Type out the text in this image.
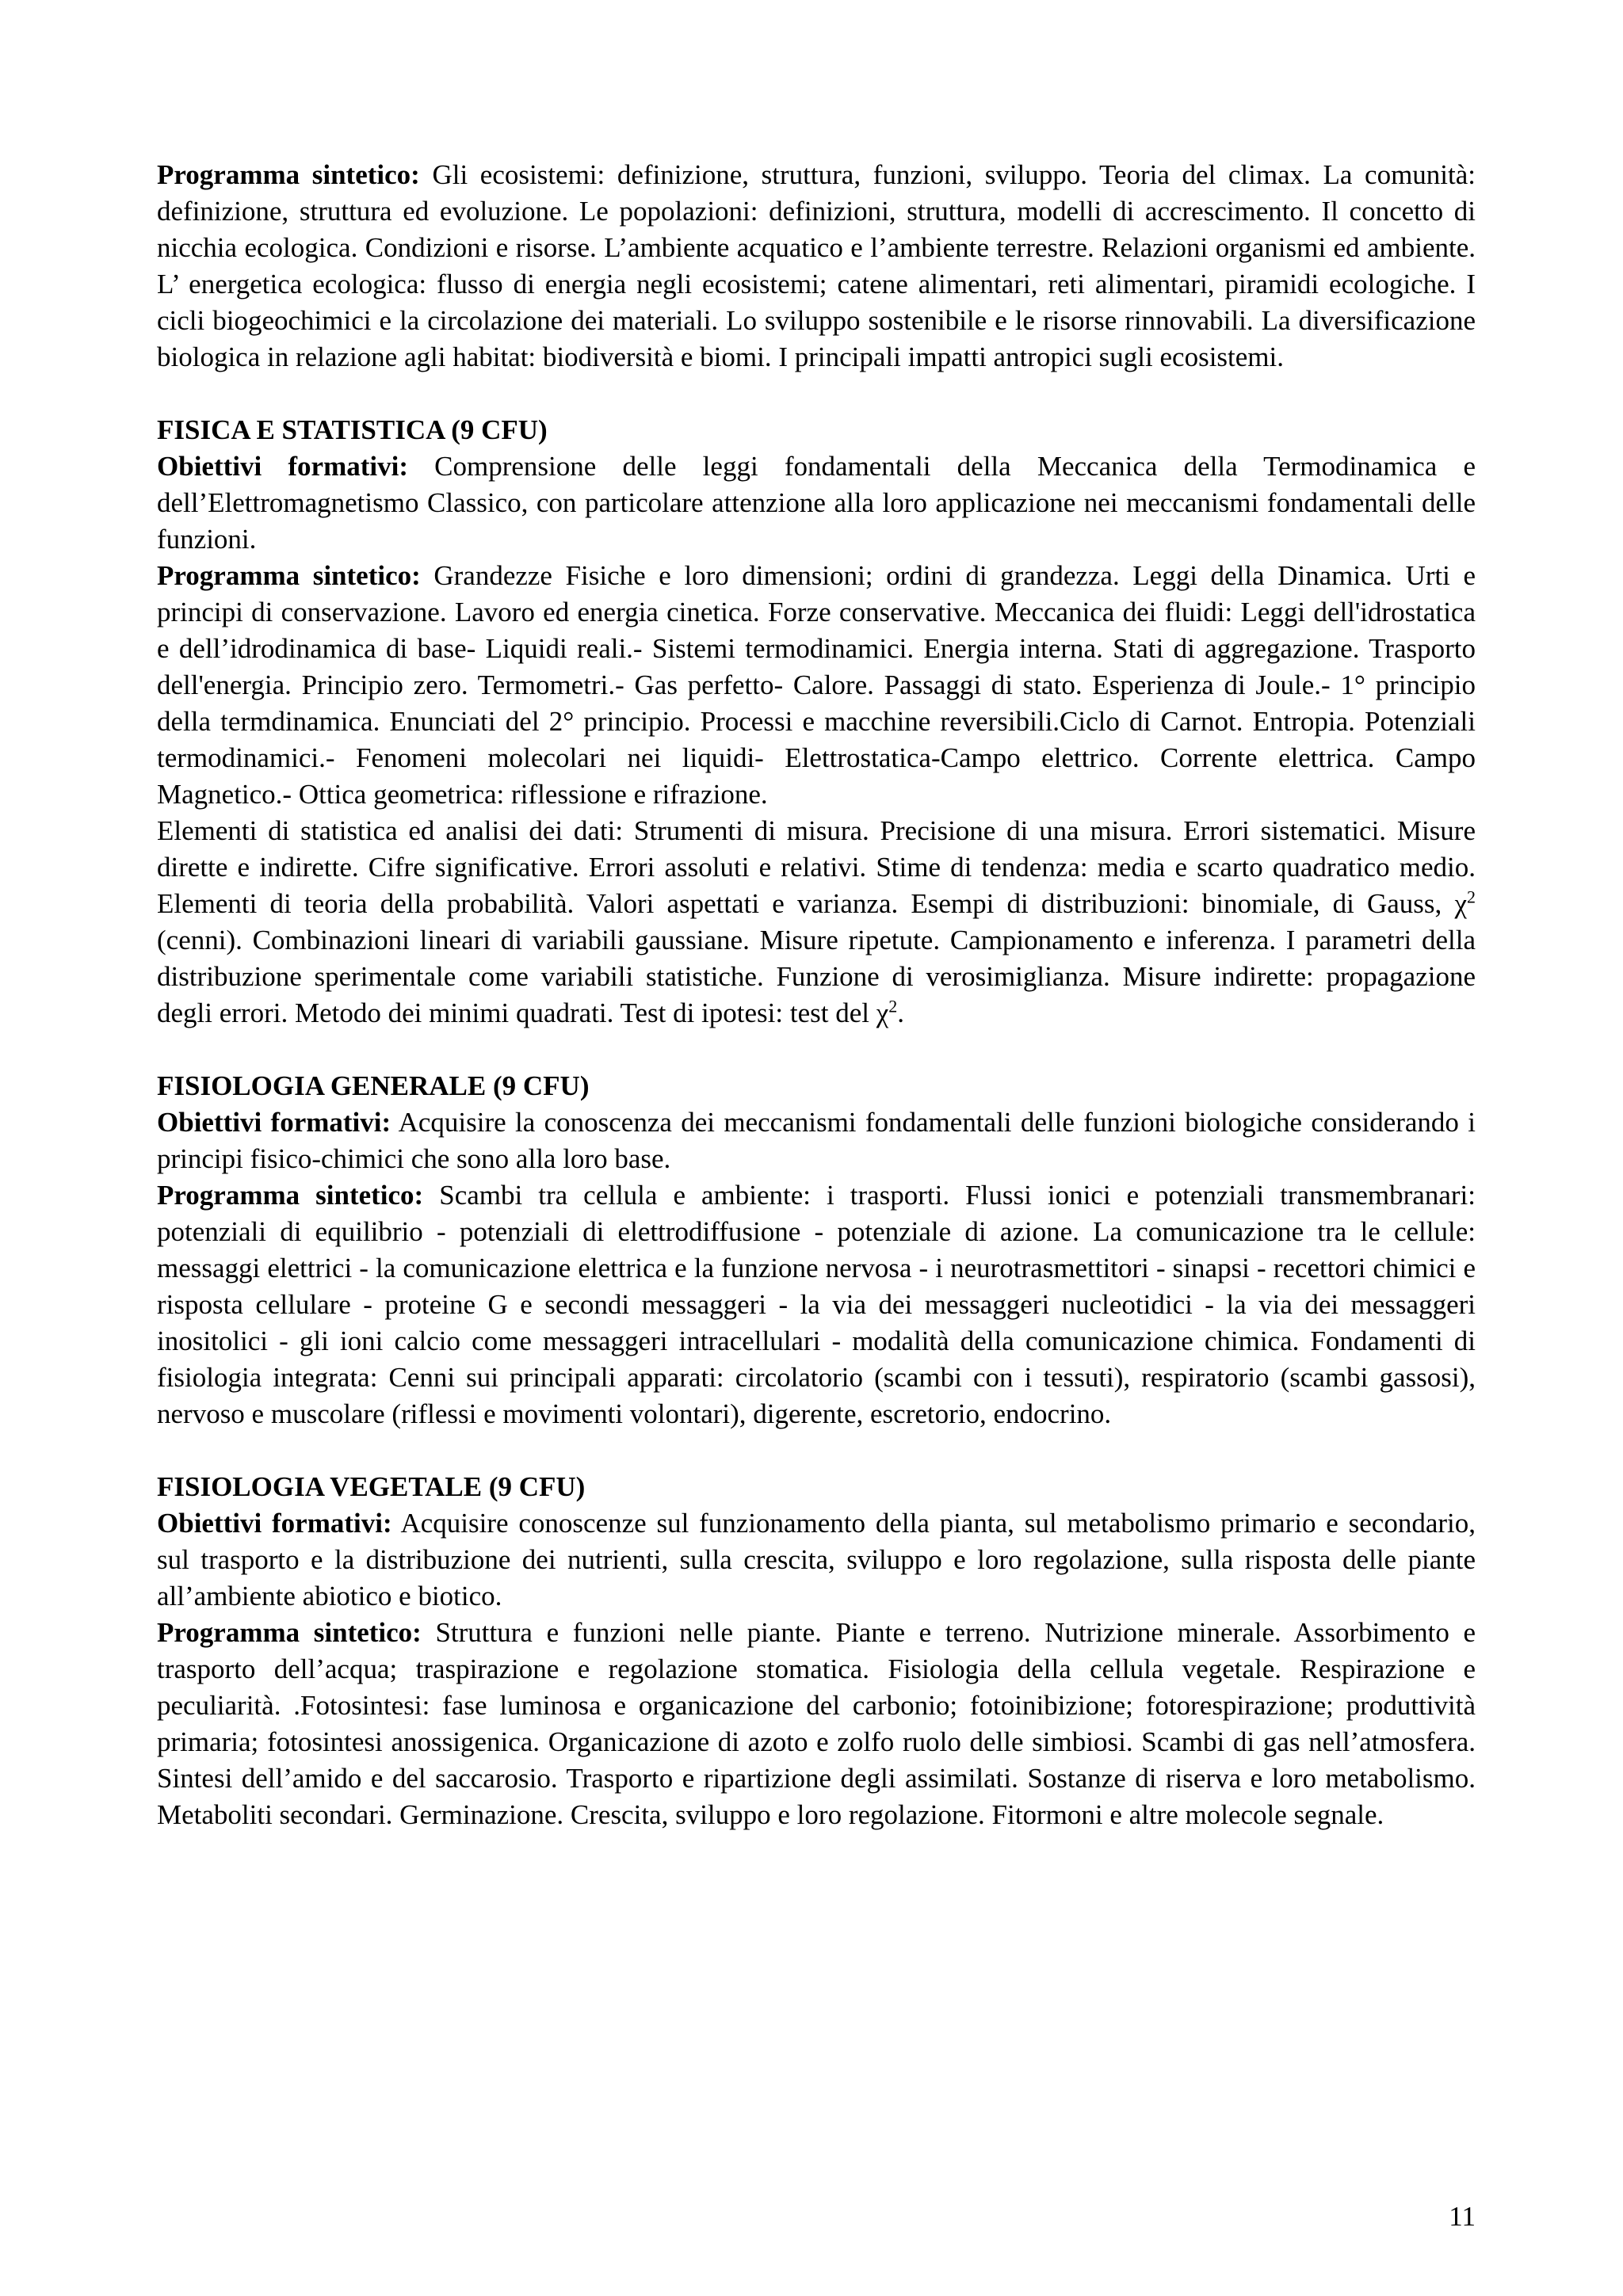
Programma sintetico: Gli ecosistemi: definizione, struttura, funzioni, sviluppo. Teoria del climax. La comunità: definizione, struttura ed evoluzione. Le popolazioni: definizioni, struttura, modelli di accrescimento. Il concetto di nicchia ecologica. Condizioni e risorse. L’ambiente acquatico e l’ambiente terrestre. Relazioni organismi ed ambiente. L’ energetica ecologica: flusso di energia negli ecosistemi; catene alimentari, reti alimentari, piramidi ecologiche. I cicli biogeochimici e la circolazione dei materiali. Lo sviluppo sostenibile e le risorse rinnovabili. La diversificazione biologica in relazione agli habitat: biodiversità e biomi. I principali impatti antropici sugli ecosistemi.

FISICA E STATISTICA (9 CFU)

Obiettivi formativi: Comprensione delle leggi fondamentali della Meccanica della Termodinamica e dell’Elettromagnetismo Classico, con particolare attenzione alla loro applicazione nei meccanismi fondamentali delle funzioni.

Programma sintetico: Grandezze Fisiche e loro dimensioni; ordini di grandezza. Leggi della Dinamica. Urti e principi di conservazione. Lavoro ed energia cinetica. Forze conservative. Meccanica dei fluidi: Leggi dell'idrostatica e dell’idrodinamica di base- Liquidi reali.- Sistemi termodinamici. Energia interna. Stati di aggregazione. Trasporto dell'energia. Principio zero. Termometri.- Gas perfetto- Calore. Passaggi di stato. Esperienza di Joule.- 1° principio della termdinamica. Enunciati del 2° principio. Processi e macchine reversibili.Ciclo di Carnot. Entropia. Potenziali termodinamici.- Fenomeni molecolari nei liquidi- Elettrostatica-Campo elettrico. Corrente elettrica. Campo Magnetico.- Ottica geometrica: riflessione e rifrazione.

Elementi di statistica ed analisi dei dati: Strumenti di misura. Precisione di una misura. Errori sistematici. Misure dirette e indirette. Cifre significative. Errori assoluti e relativi. Stime di tendenza: media e scarto quadratico medio. Elementi di teoria della probabilità. Valori aspettati e varianza. Esempi di distribuzioni: binomiale, di Gauss, $\chi^2$ (cenni). Combinazioni lineari di variabili gaussiane. Misure ripetute. Campionamento e inferenza. I parametri della distribuzione sperimentale come variabili statistiche. Funzione di verosimiglianza. Misure indirette: propagazione degli errori. Metodo dei minimi quadrati. Test di ipotesi: test del $\chi^2$.

FISIOLOGIA GENERALE (9 CFU)

Obiettivi formativi: Acquisire la conoscenza dei meccanismi fondamentali delle funzioni biologiche considerando i principi fisico-chimici che sono alla loro base.

Programma sintetico: Scambi tra cellula e ambiente: i trasporti. Flussi ionici e potenziali transmembranari: potenziali di equilibrio - potenziali di elettrodiffusione - potenziale di azione. La comunicazione tra le cellule: messaggi elettrici - la comunicazione elettrica e la funzione nervosa - i neurotrasmettitori - sinapsi - recettori chimici e risposta cellulare - proteine G e secondi messaggeri - la via dei messaggeri nucleotidici - la via dei messaggeri inositolici - gli ioni calcio come messaggeri intracellulari - modalità della comunicazione chimica. Fondamenti di fisiologia integrata: Cenni sui principali apparati: circolatorio (scambi con i tessuti), respiratorio (scambi gassosi), nervoso e muscolare (riflessi e movimenti volontari), digerente, escretorio, endocrino.

FISIOLOGIA VEGETALE (9 CFU)

Obiettivi formativi: Acquisire conoscenze sul funzionamento della pianta, sul metabolismo primario e secondario, sul trasporto e la distribuzione dei nutrienti, sulla crescita, sviluppo e loro regolazione, sulla risposta delle piante all’ambiente abiotico e biotico.

Programma sintetico: Struttura e funzioni nelle piante. Piante e terreno. Nutrizione minerale. Assorbimento e trasporto dell’acqua; traspirazione e regolazione stomatica. Fisiologia della cellula vegetale. Respirazione e peculiarità. .Fotosintesi: fase luminosa e organicazione del carbonio; fotoinibizione; fotorespirazione; produttività primaria; fotosintesi anossigenica. Organicazione di azoto e zolfo ruolo delle simbiosi. Scambi di gas nell’atmosfera. Sintesi dell’amido e del saccarosio. Trasporto e ripartizione degli assimilati. Sostanze di riserva e loro metabolismo. Metaboliti secondari. Germinazione. Crescita, sviluppo e loro regolazione. Fitormoni e altre molecole segnale.

11
